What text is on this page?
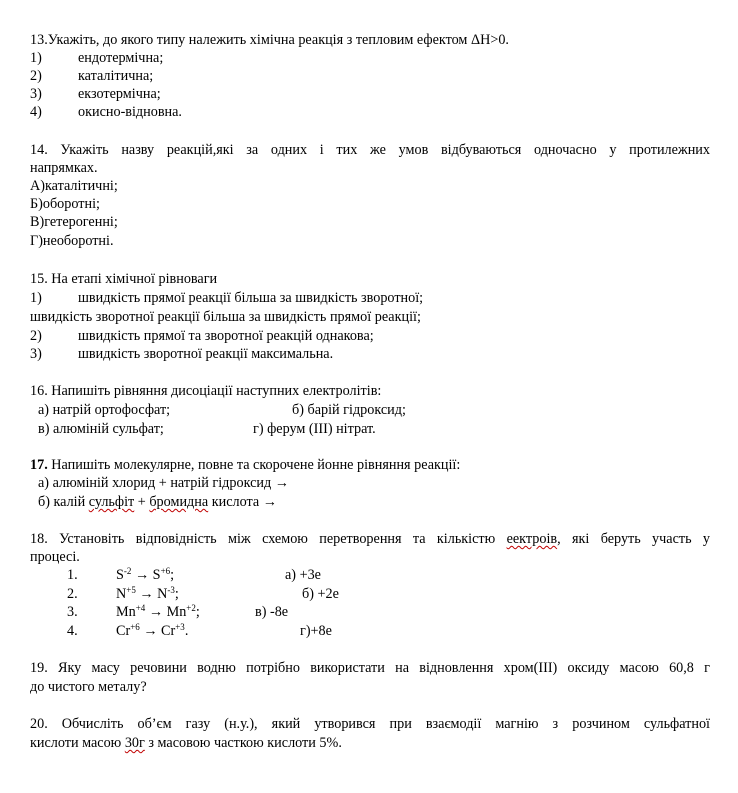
13.Укажіть, до якого типу належить хімічна реакція з тепловим ефектом ΔH>0.
1)	ендотермічна;
2)	каталітична;
3)	екзотермічна;
4)	окисно-відновна.
14. Укажіть назву реакцій,які за одних і тих же умов відбуваються одночасно у протилежних
напрямках.
А)каталітичні;
Б)оборотні;
В)гетерогенні;
Г)необоротні.
15. На етапі хімічної рівноваги
1)	швидкість прямої реакції більша за швидкість зворотної;
швидкість зворотної реакції більша за швидкість прямої реакції;
2)	швидкість прямої та зворотної реакцій однакова;
3)	швидкість зворотної реакції максимальна.
16. Напишіть рівняння дисоціації наступних електролітів:
а) натрій ортофосфат;	б) барій гідроксид;
в) алюміній сульфат;	г) ферум (III) нітрат.
17. Напишіть молекулярне, повне та скорочене йонне рівняння реакції:
а) алюміній хлорид + натрій гідроксид →
б) калій сульфіт + бромидна кислота →
18. Установіть відповідність між схемою перетворення та кількістю еектроів, які беруть участь у
процесі.
1.	$S^{-2} \to S^{+6}$;	а) +3е
2.	$N^{+5} \to N^{-3}$;	б) +2е
3.	$Mn^{+4} \to Mn^{+2}$;	в) -8е
4.	$Cr^{+6} \to Cr^{+3}$.	г)+8е
19. Яку масу речовини водню потрібно використати на відновлення хром(III) оксиду масою 60,8 г
до чистого металу?
20. Обчисліть об’єм газу (н.у.), який утворився при взаємодії магнію з розчином сульфатної
кислоти масою 30г з масовою часткою кислоти 5%.
